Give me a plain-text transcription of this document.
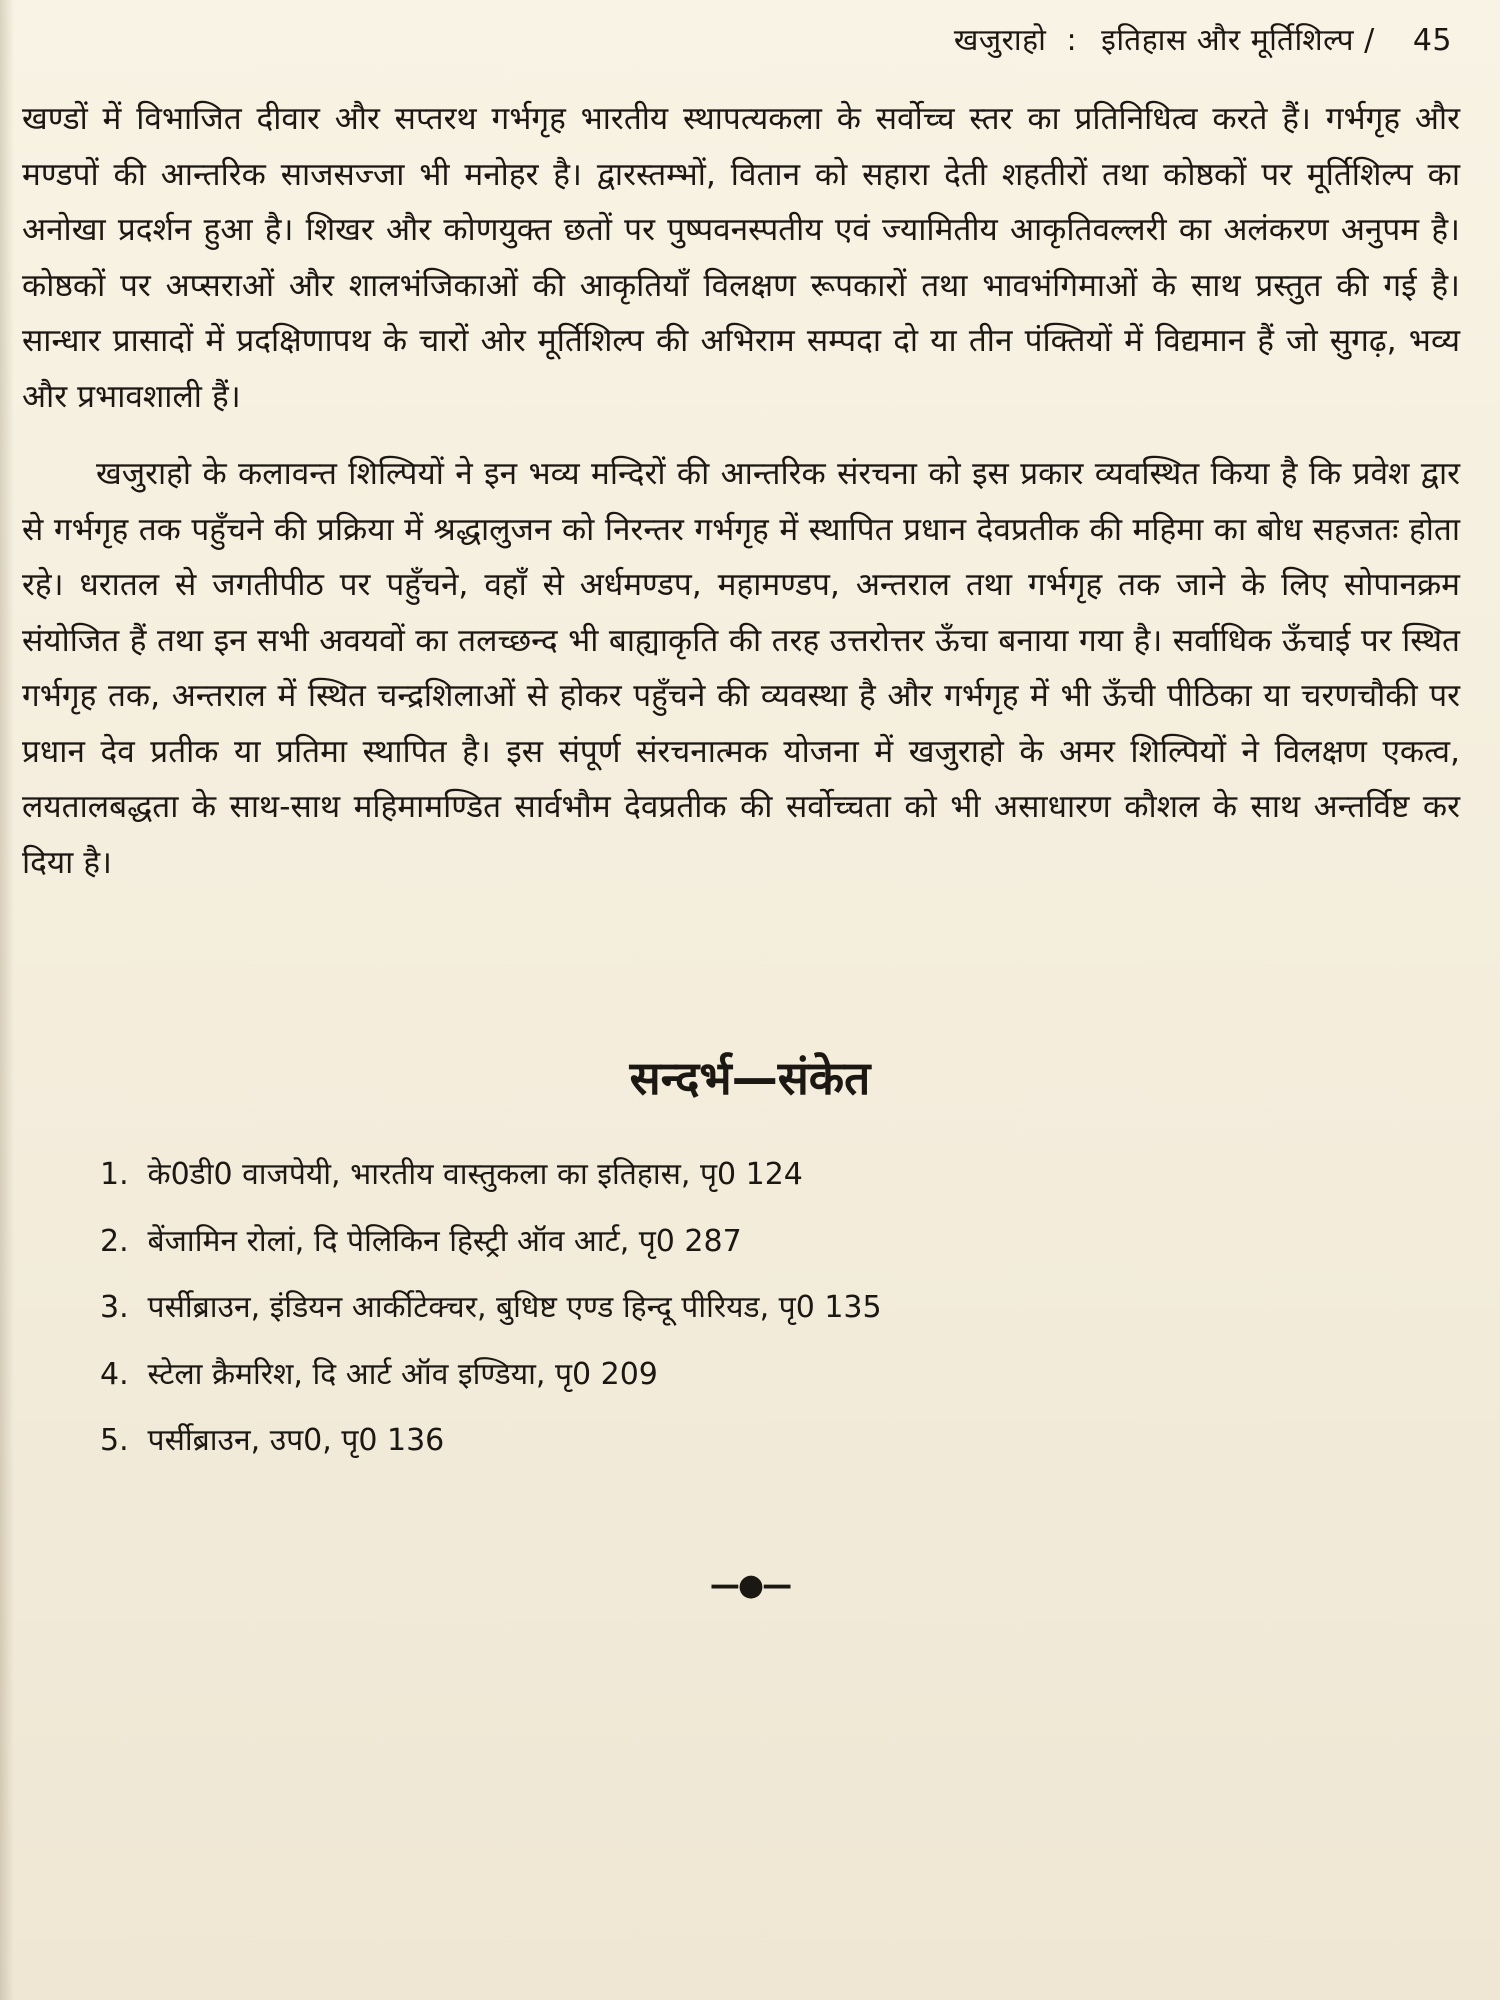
खजुराहो : इतिहास और मूर्तिशिल्प / 45

खण्डों में विभाजित दीवार और सप्तरथ गर्भगृह भारतीय स्थापत्यकला के सर्वोच्च स्तर का प्रतिनिधित्व करते हैं। गर्भगृह और मण्डपों की आन्तरिक साजसज्जा भी मनोहर है। द्वारस्तम्भों, वितान को सहारा देती शहतीरों तथा कोष्ठकों पर मूर्तिशिल्प का अनोखा प्रदर्शन हुआ है। शिखर और कोणयुक्त छतों पर पुष्पवनस्पतीय एवं ज्यामितीय आकृतिवल्लरी का अलंकरण अनुपम है। कोष्ठकों पर अप्सराओं और शालभंजिकाओं की आकृतियाँ विलक्षण रूपकारों तथा भावभंगिमाओं के साथ प्रस्तुत की गई है। सान्धार प्रासादों में प्रदक्षिणापथ के चारों ओर मूर्तिशिल्प की अभिराम सम्पदा दो या तीन पंक्तियों में विद्यमान हैं जो सुगढ़, भव्य और प्रभावशाली हैं।

खजुराहो के कलावन्त शिल्पियों ने इन भव्य मन्दिरों की आन्तरिक संरचना को इस प्रकार व्यवस्थित किया है कि प्रवेश द्वार से गर्भगृह तक पहुँचने की प्रक्रिया में श्रद्धालुजन को निरन्तर गर्भगृह में स्थापित प्रधान देवप्रतीक की महिमा का बोध सहजतः होता रहे। धरातल से जगतीपीठ पर पहुँचने, वहाँ से अर्धमण्डप, महामण्डप, अन्तराल तथा गर्भगृह तक जाने के लिए सोपानक्रम संयोजित हैं तथा इन सभी अवयवों का तलच्छन्द भी बाह्याकृति की तरह उत्तरोत्तर ऊँचा बनाया गया है। सर्वाधिक ऊँचाई पर स्थित गर्भगृह तक, अन्तराल में स्थित चन्द्रशिलाओं से होकर पहुँचने की व्यवस्था है और गर्भगृह में भी ऊँची पीठिका या चरणचौकी पर प्रधान देव प्रतीक या प्रतिमा स्थापित है। इस संपूर्ण संरचनात्मक योजना में खजुराहो के अमर शिल्पियों ने विलक्षण एकत्व, लयतालबद्धता के साथ-साथ महिमामण्डित सार्वभौम देवप्रतीक की सर्वोच्चता को भी असाधारण कौशल के साथ अन्तर्विष्ट कर दिया है।

सन्दर्भ—संकेत
1. के0डी0 वाजपेयी, भारतीय वास्तुकला का इतिहास, पृ0 124
2. बेंजामिन रोलां, दि पेलिकिन हिस्ट्री ऑव आर्ट, पृ0 287
3. पर्सीब्राउन, इंडियन आर्कीटेक्चर, बुधिष्ट एण्ड हिन्दू पीरियड, पृ0 135
4. स्टेला क्रैमरिश, दि आर्ट ऑव इण्डिया, पृ0 209
5. पर्सीब्राउन, उप0, पृ0 136
—●—
